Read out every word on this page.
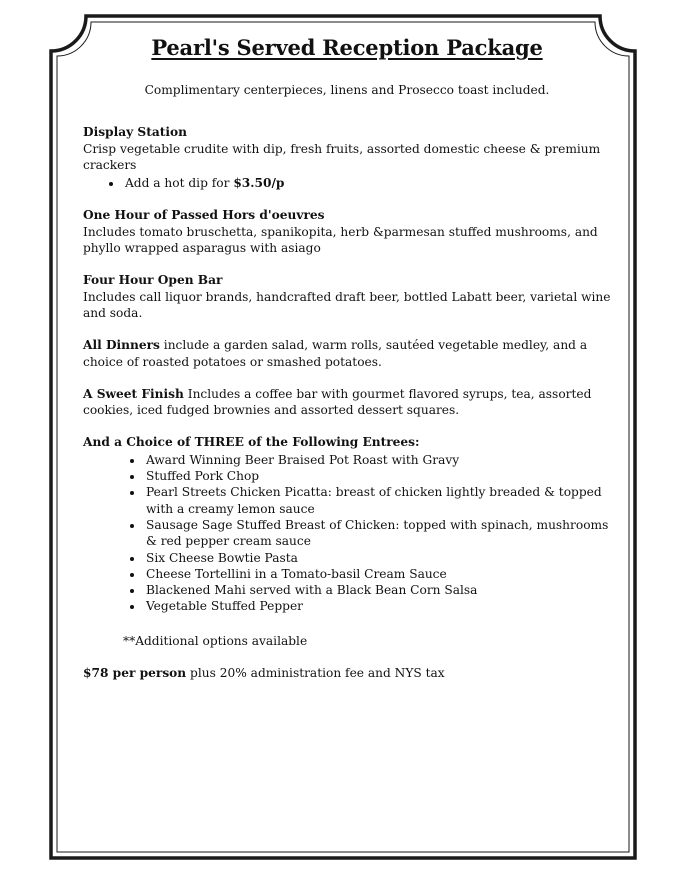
Pearl's Served Reception Package

Complimentary centerpieces, linens and Prosecco toast included.

Display Station

Crisp vegetable crudite with dip, fresh fruits, assorted domestic cheese & premium crackers

• Add a hot dip for $3.50/p

One Hour of Passed Hors d'oeuvres

Includes tomato bruschetta, spanikopita, herb &parmesan stuffed mushrooms, and phyllo wrapped asparagus with asiago

Four Hour Open Bar

Includes call liquor brands, handcrafted draft beer, bottled Labatt beer, varietal wine and soda.

All Dinners include a garden salad, warm rolls, sautéed vegetable medley, and a choice of roasted potatoes or smashed potatoes.

A Sweet Finish Includes a coffee bar with gourmet flavored syrups, tea, assorted cookies, iced fudged brownies and assorted dessert squares.

And a Choice of THREE of the Following Entrees:

• Award Winning Beer Braised Pot Roast with Gravy
• Stuffed Pork Chop
• Pearl Streets Chicken Picatta: breast of chicken lightly breaded & topped with a creamy lemon sauce
• Sausage Sage Stuffed Breast of Chicken: topped with spinach, mushrooms & red pepper cream sauce
• Six Cheese Bowtie Pasta
• Cheese Tortellini in a Tomato-basil Cream Sauce
• Blackened Mahi served with a Black Bean Corn Salsa
• Vegetable Stuffed Pepper

**Additional options available

$78 per person plus 20% administration fee and NYS tax
